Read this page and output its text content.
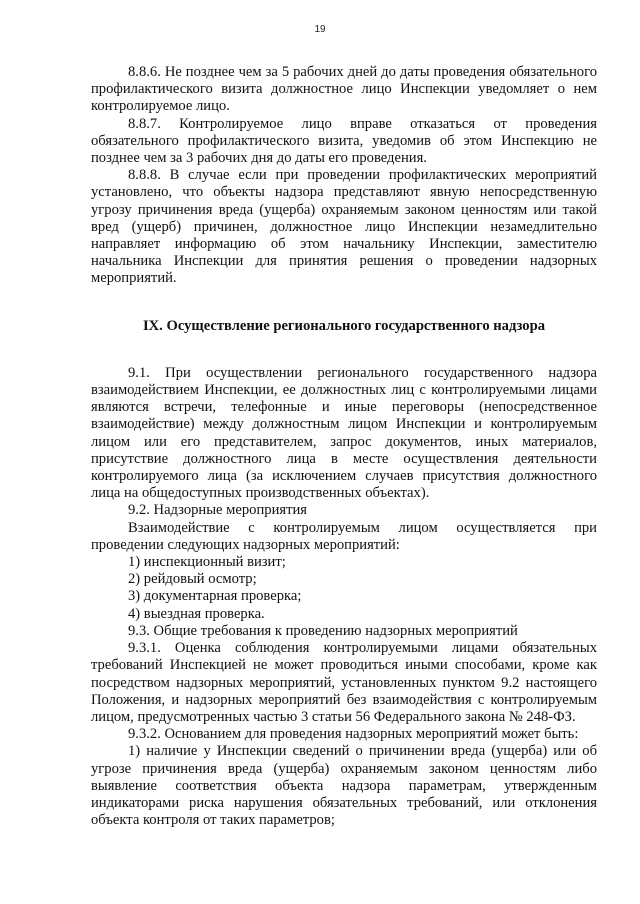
19

8.8.6. Не позднее чем за 5 рабочих дней до даты проведения обязательного профилактического визита должностное лицо Инспекции уведомляет о нем контролируемое лицо.

8.8.7. Контролируемое лицо вправе отказаться от проведения обязательного профилактического визита, уведомив об этом Инспекцию не позднее чем за 3 рабочих дня до даты его проведения.

8.8.8. В случае если при проведении профилактических мероприятий установлено, что объекты надзора представляют явную непосредственную угрозу причинения вреда (ущерба) охраняемым законом ценностям или такой вред (ущерб) причинен, должностное лицо Инспекции незамедлительно направляет информацию об этом начальнику Инспекции, заместителю начальника Инспекции для принятия решения о проведении надзорных мероприятий.

IX. Осуществление регионального государственного надзора

9.1. При осуществлении регионального государственного надзора взаимодействием Инспекции, ее должностных лиц с контролируемыми лицами являются встречи, телефонные и иные переговоры (непосредственное взаимодействие) между должностным лицом Инспекции и контролируемым лицом или его представителем, запрос документов, иных материалов, присутствие должностного лица в месте осуществления деятельности контролируемого лица (за исключением случаев присутствия должностного лица на общедоступных производственных объектах).

9.2. Надзорные мероприятия

Взаимодействие с контролируемым лицом осуществляется при проведении следующих надзорных мероприятий:

1) инспекционный визит;

2) рейдовый осмотр;

3) документарная проверка;

4) выездная проверка.

9.3. Общие требования к проведению надзорных мероприятий

9.3.1. Оценка соблюдения контролируемыми лицами обязательных требований Инспекцией не может проводиться иными способами, кроме как посредством надзорных мероприятий, установленных пунктом 9.2 настоящего Положения, и надзорных мероприятий без взаимодействия с контролируемым лицом, предусмотренных частью 3 статьи 56 Федерального закона № 248-ФЗ.

9.3.2. Основанием для проведения надзорных мероприятий может быть:

1) наличие у Инспекции сведений о причинении вреда (ущерба) или об угрозе причинения вреда (ущерба) охраняемым законом ценностям либо выявление соответствия объекта надзора параметрам, утвержденным индикаторами риска нарушения обязательных требований, или отклонения объекта контроля от таких параметров;
